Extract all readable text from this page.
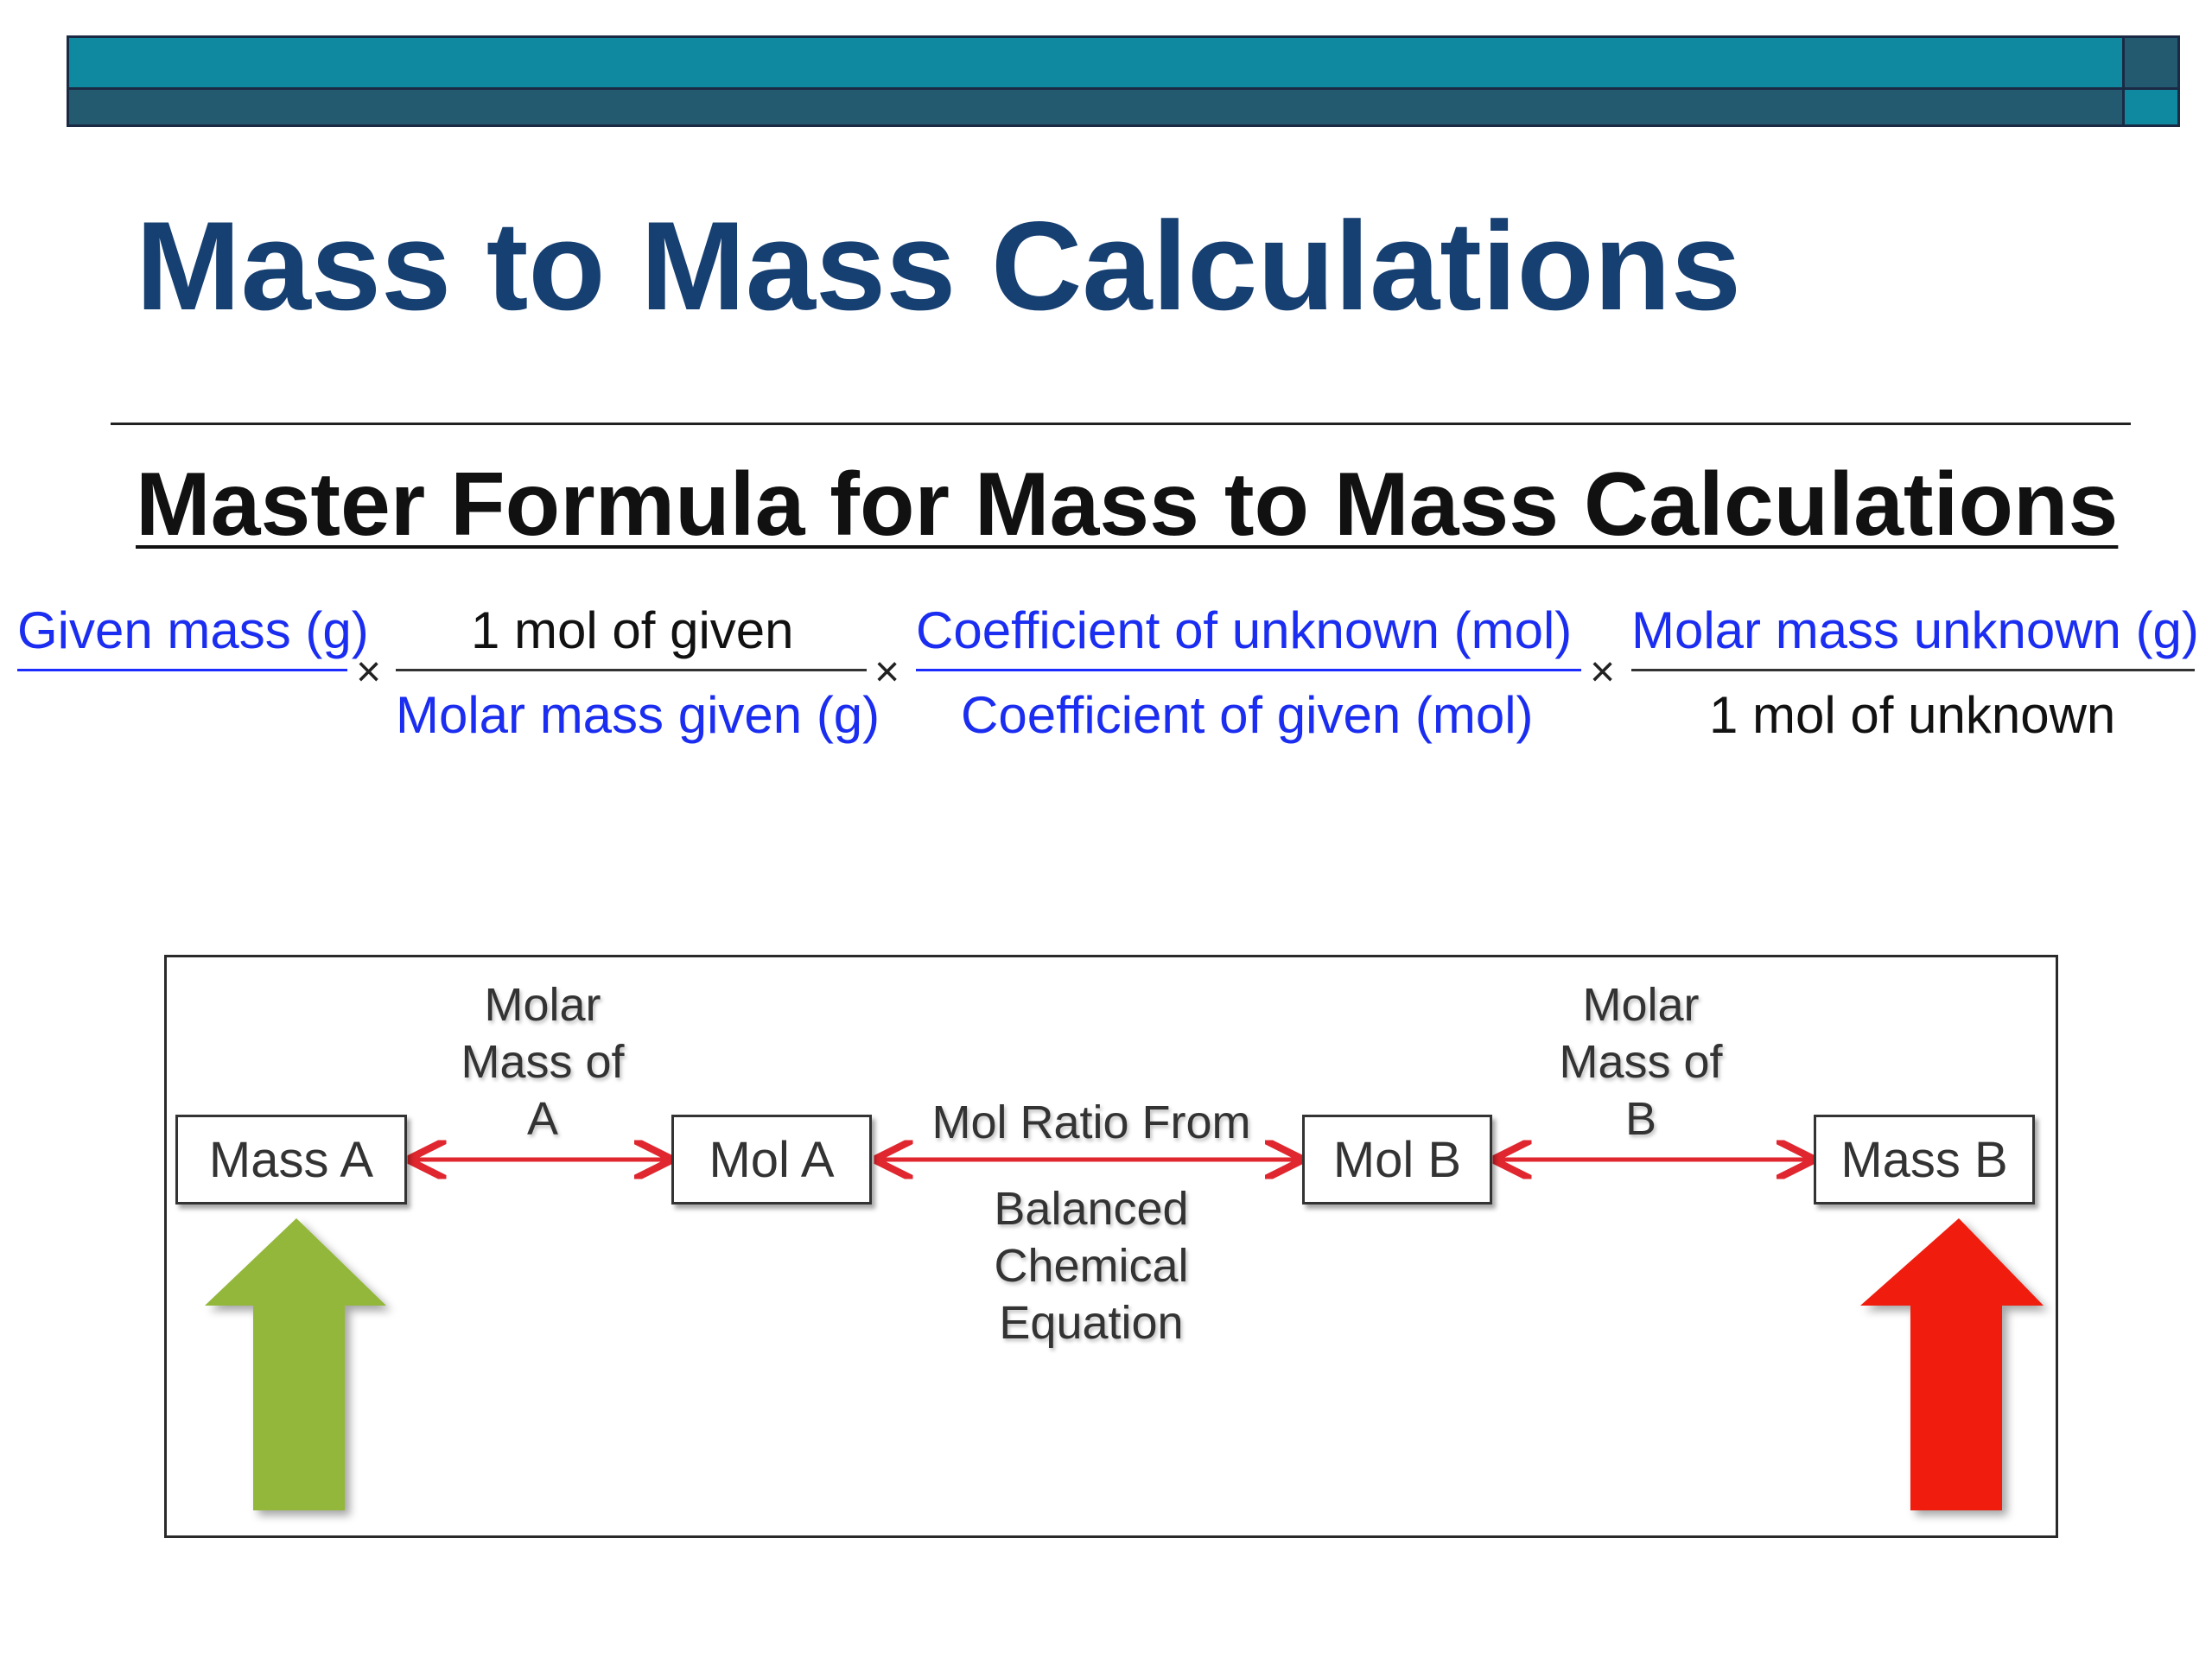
Mass to Mass Calculations
Master Formula for Mass to Mass Calculations
Given mass (g)
×
1 mol of given
Molar mass given (g)
×
Coefficient of unknown (mol)
Coefficient of given (mol)
×
Molar mass unknown (g)
1 mol of unknown
Mass A	Mol A	Mol B	Mass B
Molar
Mass of
A	Mol Ratio From
Balanced
Chemical
Equation
Molar
Mass of
B
